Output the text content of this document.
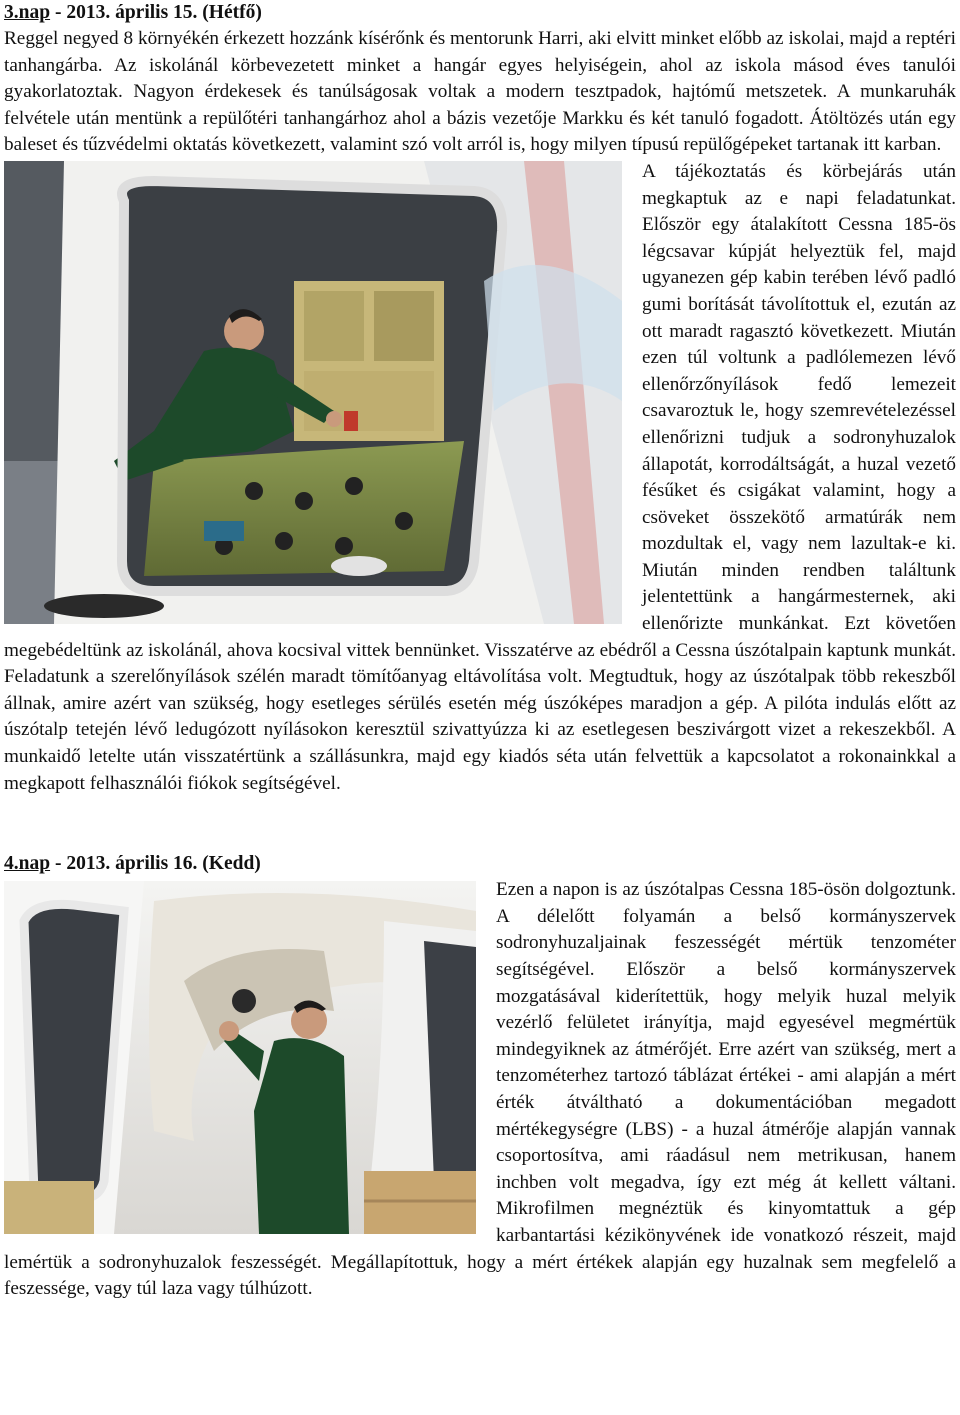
3.nap - 2013. április 15. (Hétfő)

Reggel negyed 8 környékén érkezett hozzánk kísérőnk és mentorunk Harri, aki elvitt minket előbb az iskolai, majd a reptéri tanhangárba. Az iskolánál körbevezetett minket a hangár egyes helyiségein, ahol az iskola másod éves tanulói gyakorlatoztak. Nagyon érdekesek és tanúlságosak voltak a modern tesztpadok, hajtómű metszetek. A munkaruhák felvétele után mentünk a repülőtéri tanhangárhoz ahol a bázis vezetője Markku és két tanuló fogadott. Átöltözés után egy baleset és tűzvédelmi oktatás következett, valamint szó volt arról is, hogy milyen típusú repülőgépeket tartanak itt karban.

A tájékoztatás és körbejárás után megkaptuk az e napi feladatunkat. Először egy átalakított Cessna 185-ös légcsavar kúpját helyeztük fel, majd ugyanezen gép kabin terében lévő padló gumi borítását távolítottuk el, ezután az ott maradt ragasztó következett. Miután ezen túl voltunk a padlólemezen lévő ellenőrzőnyílások fedő lemezeit csavaroztuk le, hogy szemrevételezéssel ellenőrizni tudjuk a sodronyhuzalok állapotát, korrodáltságát, a huzal vezető fésűket és csigákat valamint, hogy a csöveket összekötő armatúrák nem mozdultak el, vagy nem lazultak-e ki. Miután minden rendben találtunk jelentettünk a hangármesternek, aki ellenőrizte munkánkat. Ezt követően megebédeltünk az iskolánál, ahova kocsival vittek bennünket. Visszatérve az ebédről a Cessna úszótalpain kaptunk munkát. Feladatunk a szerelőnyílások szélén maradt tömítőanyag eltávolítása volt. Megtudtuk, hogy az úszótalpak több rekeszből állnak, amire azért van szükség, hogy esetleges sérülés esetén még úszóképes maradjon a gép. A pilóta indulás előtt az úszótalp tetején lévő ledugózott nyílásokon keresztül szivattyúzza ki az esetlegesen beszivárgott vizet a rekeszekből. A munkaidő letelte után visszatértünk a szállásunkra, majd egy kiadós séta után felvettük a kapcsolatot a rokonainkkal a megkapott felhasználói fiókok segítségével.

4.nap - 2013. április 16. (Kedd)

Ezen a napon is az úszótalpas Cessna 185-ösön dolgoztunk. A délelőtt folyamán a belső kormányszervek sodronyhuzaljainak feszességét mértük tenzométer segítségével. Először a belső kormányszervek mozgatásával kiderítettük, hogy melyik huzal melyik vezérlő felületet irányítja, majd egyesével megmértük mindegyiknek az átmérőjét. Erre azért van szükség, mert a tenzométerhez tartozó táblázat értékei - ami alapján a mért érték átváltható a dokumentációban megadott mértékegységre (LBS) - a huzal átmérője alapján vannak csoportosítva, ami ráadásul nem metrikusan, hanem inchben volt megadva, így ezt még át kellett váltani. Mikrofilmen megnéztük és kinyomtattuk a gép karbantartási kézikönyvének ide vonatkozó részeit, majd lemértük a sodronyhuzalok feszességét. Megállapítottuk, hogy a mért értékek alapján egy huzalnak sem megfelelő a feszessége, vagy túl laza vagy túlhúzott.
